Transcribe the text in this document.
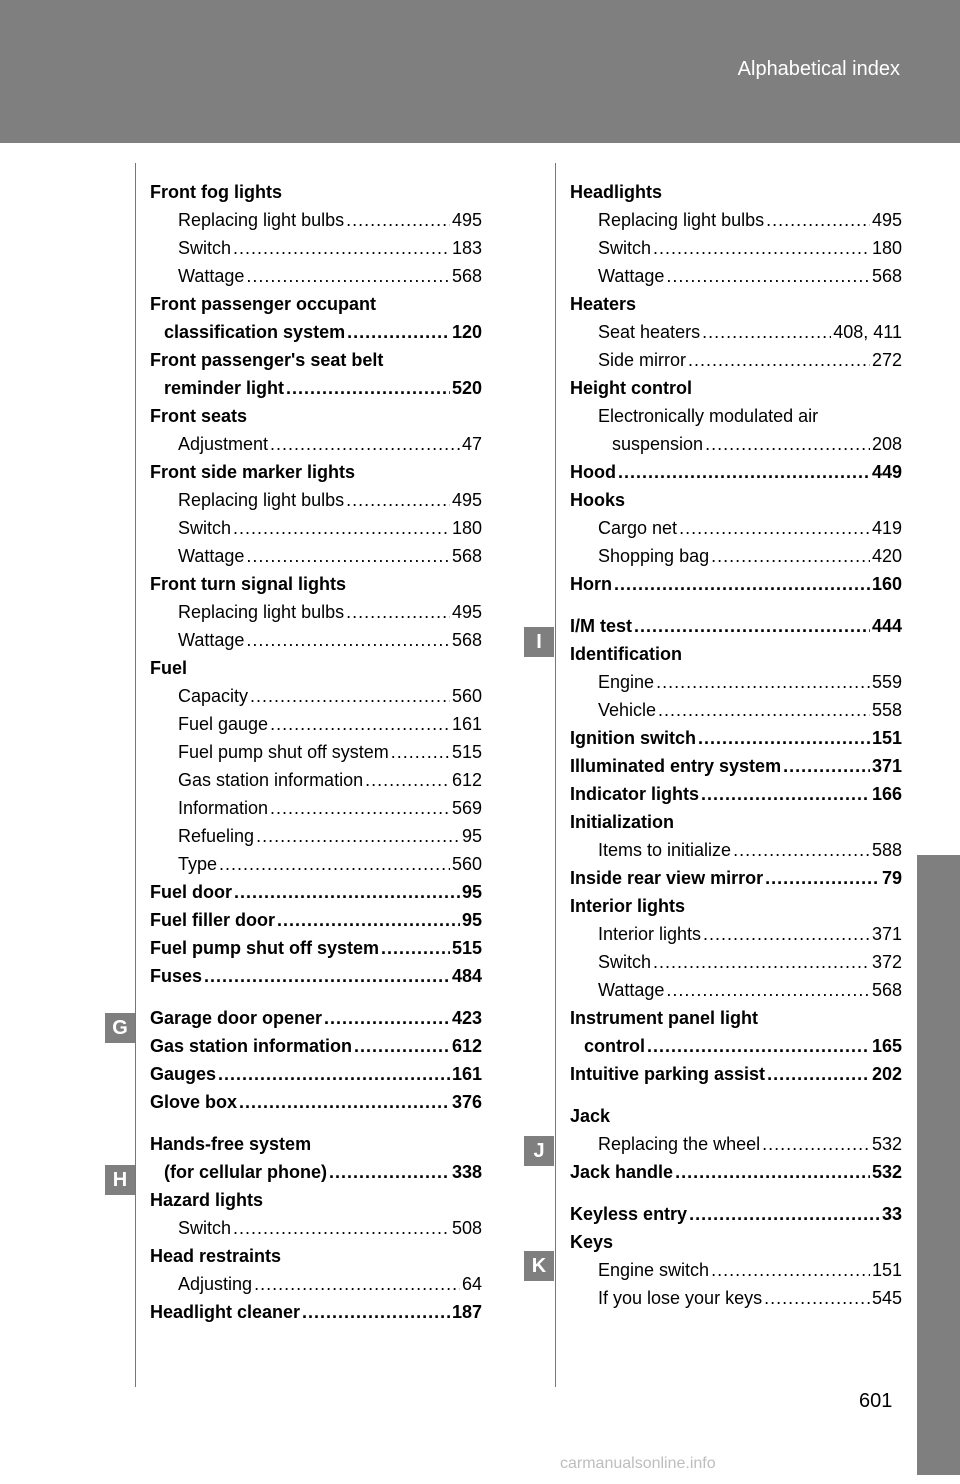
Alphabetical index
Front fog lights
Replacing light bulbs .....	495
Switch .....	183
Wattage .....	568
Front passenger occupant
classification system .....	120
Front passenger's seat belt
reminder light .....	520
Front seats
Adjustment .....	47
Front side marker lights
Replacing light bulbs .....	495
Switch .....	180
Wattage .....	568
Front turn signal lights
Replacing light bulbs .....	495
Wattage .....	568
Fuel
Capacity .....	560
Fuel gauge .....	161
Fuel pump shut off system .....	515
Gas station information .....	612
Information .....	569
Refueling .....	95
Type .....	560
Fuel door .....	95
Fuel filler door .....	95
Fuel pump shut off system .....	515
Fuses .....	484
Garage door opener .....	423
Gas station information .....	612
Gauges .....	161
Glove box .....	376
Hands-free system
(for cellular phone) .....	338
Hazard lights
Switch .....	508
Head restraints
Adjusting .....	64
Headlight cleaner .....	187
Headlights
Replacing light bulbs .....	495
Switch .....	180
Wattage .....	568
Heaters
Seat heaters .....	408, 411
Side mirror .....	272
Height control
Electronically modulated air
suspension .....	208
Hood .....	449
Hooks
Cargo net .....	419
Shopping bag .....	420
Horn .....	160
I/M test .....	444
Identification
Engine .....	559
Vehicle .....	558
Ignition switch .....	151
Illuminated entry system .....	371
Indicator lights .....	166
Initialization
Items to initialize .....	588
Inside rear view mirror .....	79
Interior lights
Interior lights .....	371
Switch .....	372
Wattage .....	568
Instrument panel light
control .....	165
Intuitive parking assist .....	202
Jack
Replacing the wheel .....	532
Jack handle .....	532
Keyless entry .....	33
Keys
Engine switch .....	151
If you lose your keys .....	545
G
H
I
J
K
601
carmanualsonline.info
